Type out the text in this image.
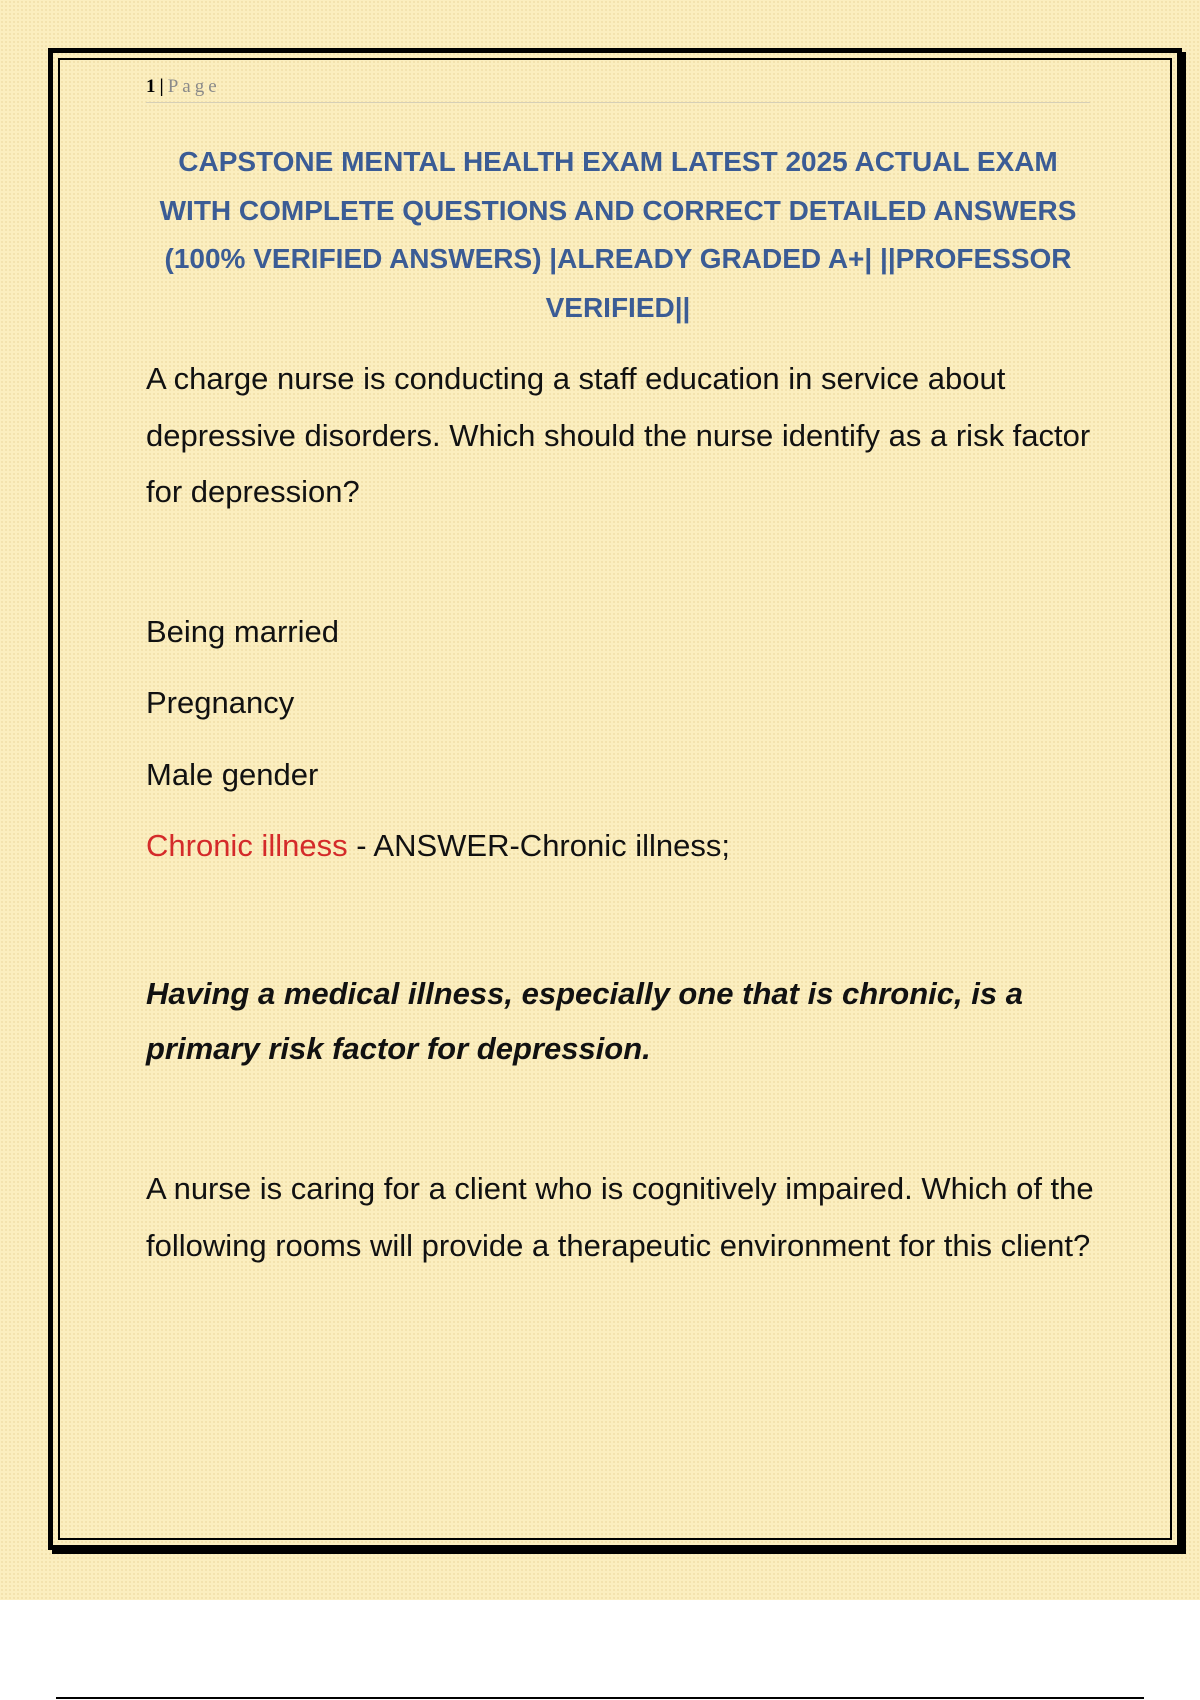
1 | Page
CAPSTONE MENTAL HEALTH EXAM LATEST 2025 ACTUAL EXAM WITH COMPLETE QUESTIONS AND CORRECT DETAILED ANSWERS (100% VERIFIED ANSWERS) |ALREADY GRADED A+| ||PROFESSOR VERIFIED||
A charge nurse is conducting a staff education in service about depressive disorders. Which should the nurse identify as a risk factor for depression?
Being married
Pregnancy
Male gender
Chronic illness - ANSWER-Chronic illness;
Having a medical illness, especially one that is chronic, is a primary risk factor for depression.
A nurse is caring for a client who is cognitively impaired. Which of the following rooms will provide a therapeutic environment for this client?
